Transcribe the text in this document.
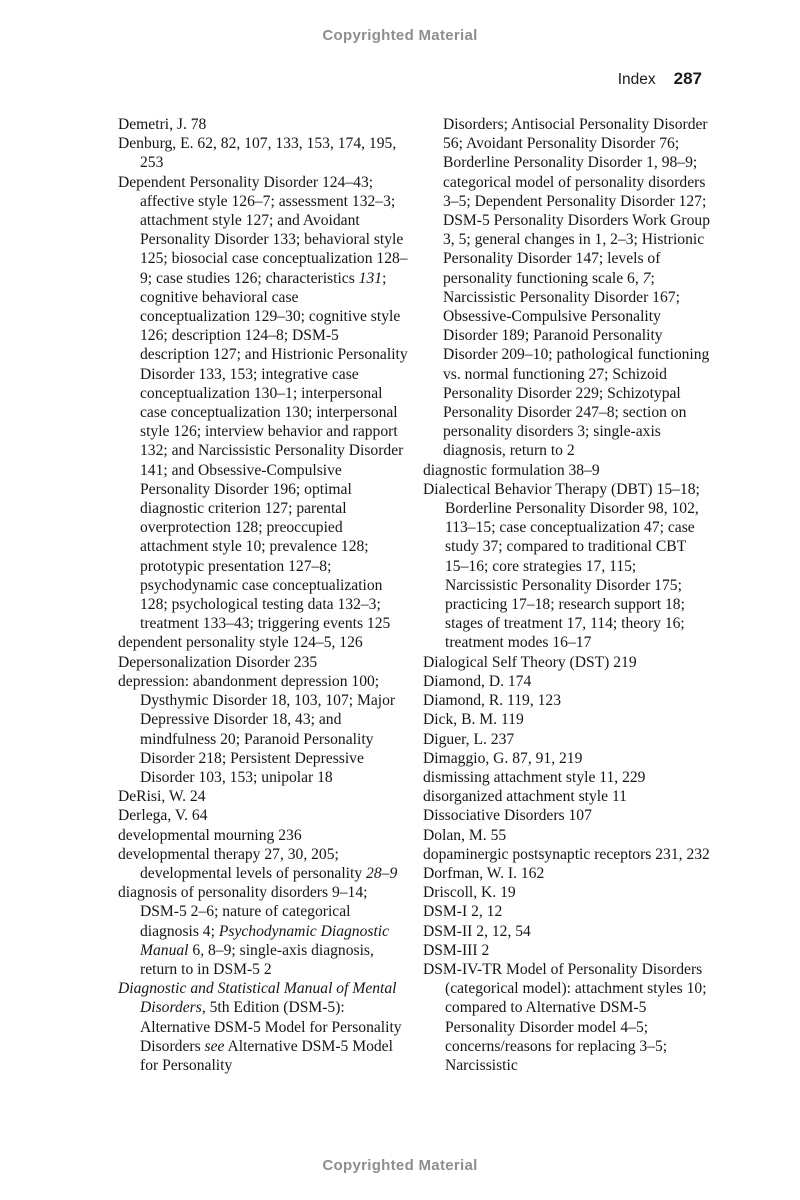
Copyrighted Material
Index 287

Demetri, J. 78

Denburg, E. 62, 82, 107, 133, 153, 174, 195, 253

Dependent Personality Disorder 124–43; affective style 126–7; assessment 132–3; attachment style 127; and Avoidant Personality Disorder 133; behavioral style 125; biosocial case conceptualization 128–9; case studies 126; characteristics 131; cognitive behavioral case conceptualization 129–30; cognitive style 126; description 124–8; DSM-5 description 127; and Histrionic Personality Disorder 133, 153; integrative case conceptualization 130–1; interpersonal case conceptualization 130; interpersonal style 126; interview behavior and rapport 132; and Narcissistic Personality Disorder 141; and Obsessive-Compulsive Personality Disorder 196; optimal diagnostic criterion 127; parental overprotection 128; preoccupied attachment style 10; prevalence 128; prototypic presentation 127–8; psychodynamic case conceptualization 128; psychological testing data 132–3; treatment 133–43; triggering events 125

dependent personality style 124–5, 126

Depersonalization Disorder 235

depression: abandonment depression 100; Dysthymic Disorder 18, 103, 107; Major Depressive Disorder 18, 43; and mindfulness 20; Paranoid Personality Disorder 218; Persistent Depressive Disorder 103, 153; unipolar 18

DeRisi, W. 24

Derlega, V. 64

developmental mourning 236

developmental therapy 27, 30, 205; developmental levels of personality 28–9

diagnosis of personality disorders 9–14; DSM-5 2–6; nature of categorical diagnosis 4; Psychodynamic Diagnostic Manual 6, 8–9; single-axis diagnosis, return to in DSM-5 2

Diagnostic and Statistical Manual of Mental Disorders, 5th Edition (DSM-5): Alternative DSM-5 Model for Personality Disorders see Alternative DSM-5 Model for Personality

Disorders; Antisocial Personality Disorder 56; Avoidant Personality Disorder 76; Borderline Personality Disorder 1, 98–9; categorical model of personality disorders 3–5; Dependent Personality Disorder 127; DSM-5 Personality Disorders Work Group 3, 5; general changes in 1, 2–3; Histrionic Personality Disorder 147; levels of personality functioning scale 6, 7; Narcissistic Personality Disorder 167; Obsessive-Compulsive Personality Disorder 189; Paranoid Personality Disorder 209–10; pathological functioning vs. normal functioning 27; Schizoid Personality Disorder 229; Schizotypal Personality Disorder 247–8; section on personality disorders 3; single-axis diagnosis, return to 2

diagnostic formulation 38–9

Dialectical Behavior Therapy (DBT) 15–18; Borderline Personality Disorder 98, 102, 113–15; case conceptualization 47; case study 37; compared to traditional CBT 15–16; core strategies 17, 115; Narcissistic Personality Disorder 175; practicing 17–18; research support 18; stages of treatment 17, 114; theory 16; treatment modes 16–17

Dialogical Self Theory (DST) 219

Diamond, D. 174

Diamond, R. 119, 123

Dick, B. M. 119

Diguer, L. 237

Dimaggio, G. 87, 91, 219

dismissing attachment style 11, 229

disorganized attachment style 11

Dissociative Disorders 107

Dolan, M. 55

dopaminergic postsynaptic receptors 231, 232

Dorfman, W. I. 162

Driscoll, K. 19

DSM-I 2, 12

DSM-II 2, 12, 54

DSM-III 2

DSM-IV-TR Model of Personality Disorders (categorical model): attachment styles 10; compared to Alternative DSM-5 Personality Disorder model 4–5; concerns/reasons for replacing 3–5; Narcissistic

Copyrighted Material
